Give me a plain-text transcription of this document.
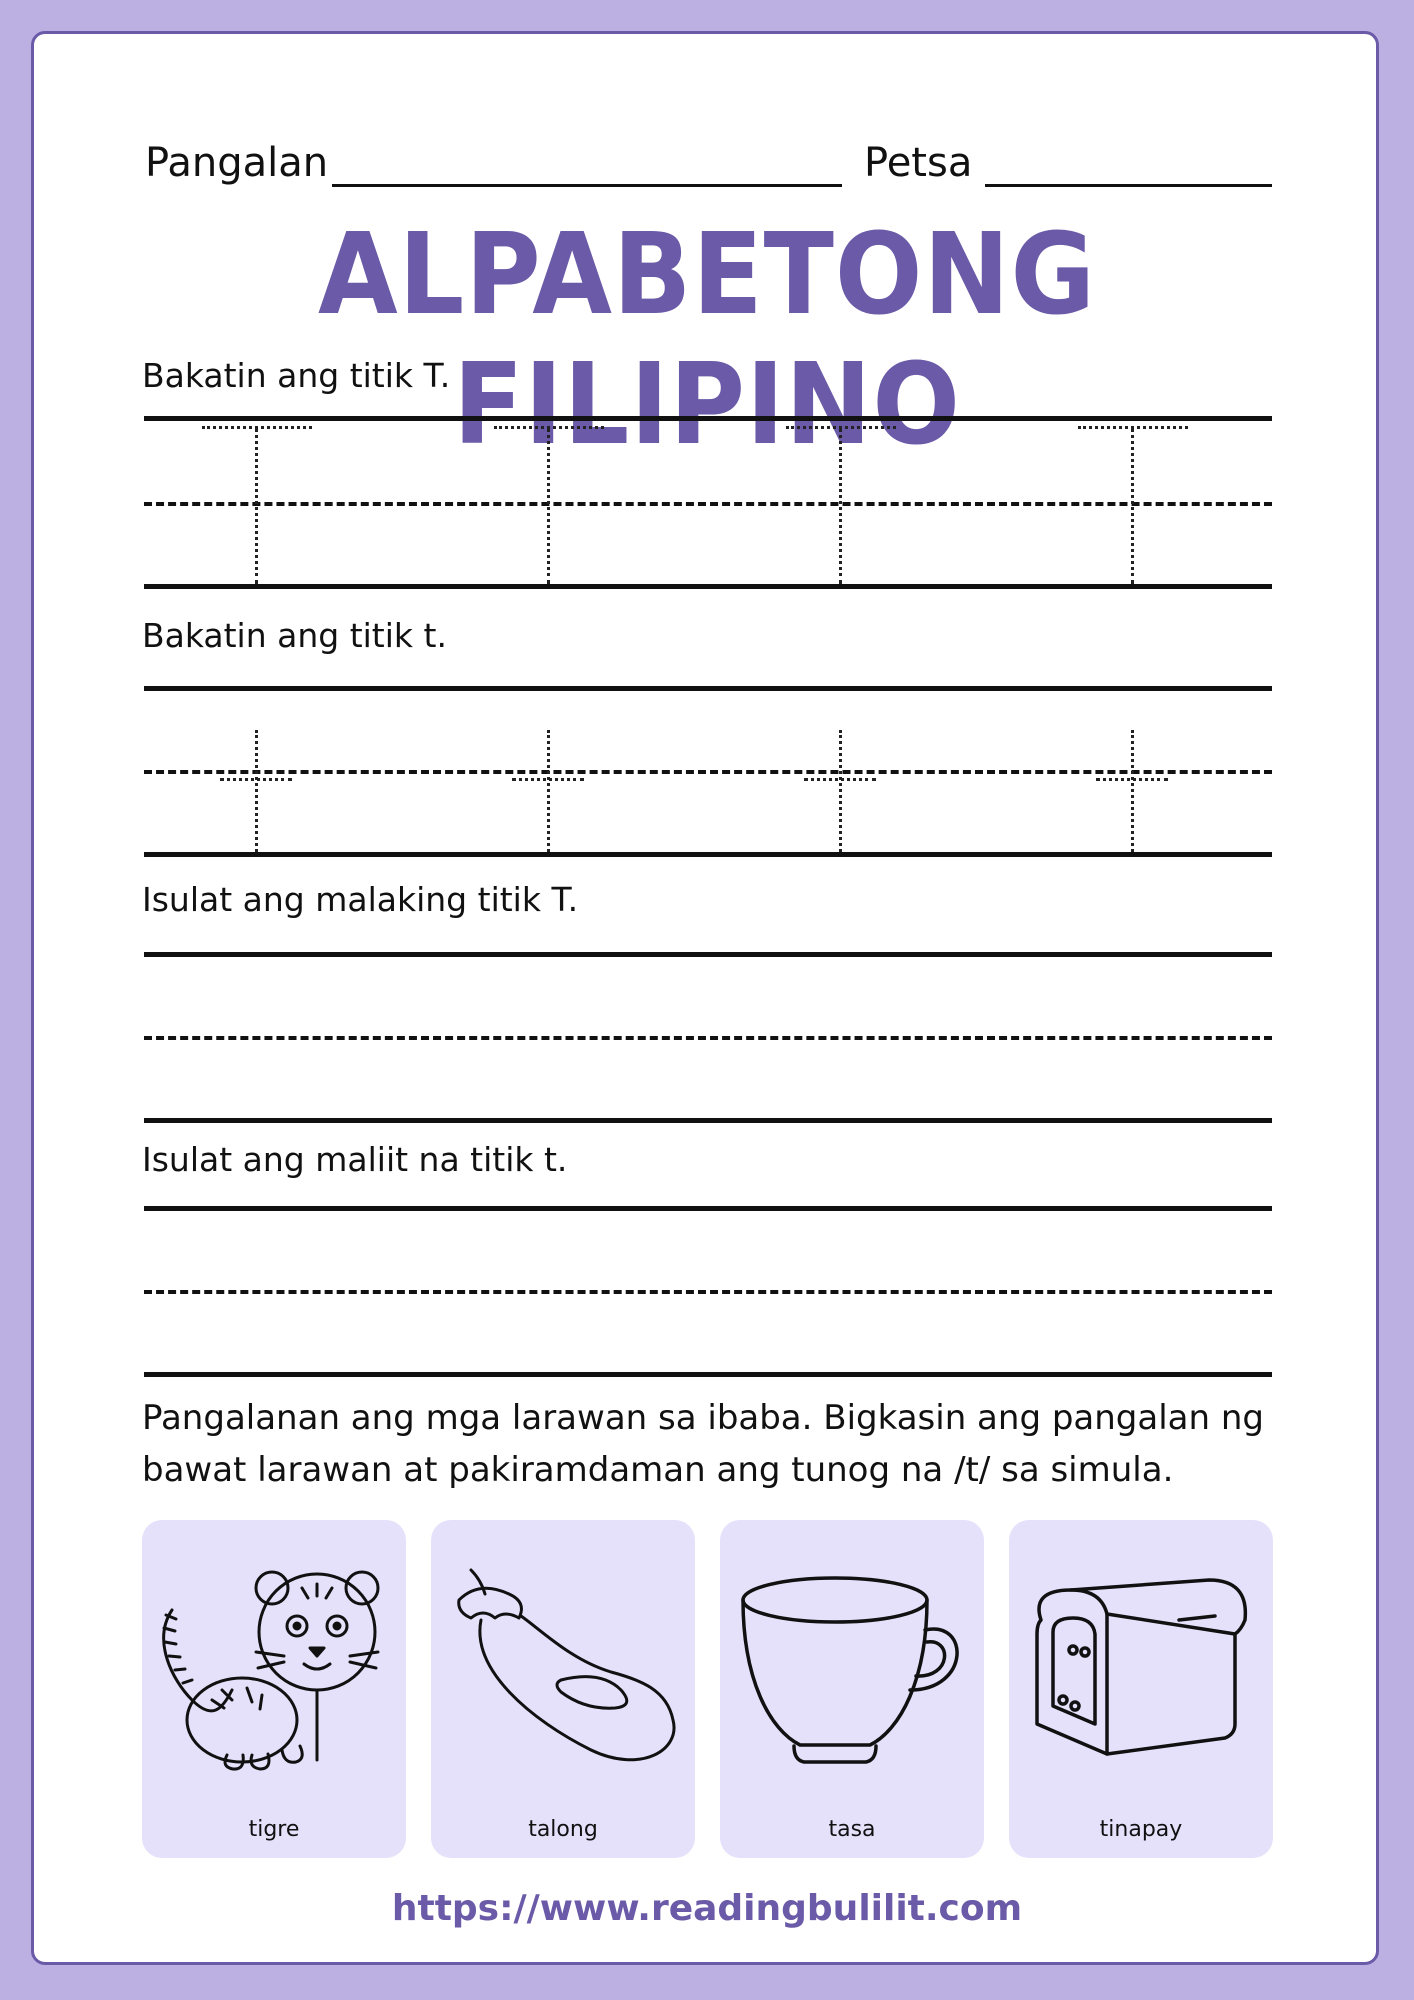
Pangalan	Petsa
ALPABETONG FILIPINO
Bakatin ang titik T.
Bakatin ang titik t.
Isulat ang malaking titik T.
Isulat ang maliit na titik t.
Pangalanan ang mga larawan sa ibaba. Bigkasin ang pangalan ng bawat larawan at pakiramdaman ang tunog na /t/ sa simula.
tigre	talong	tasa	tinapay
https://www.readingbulilit.com
